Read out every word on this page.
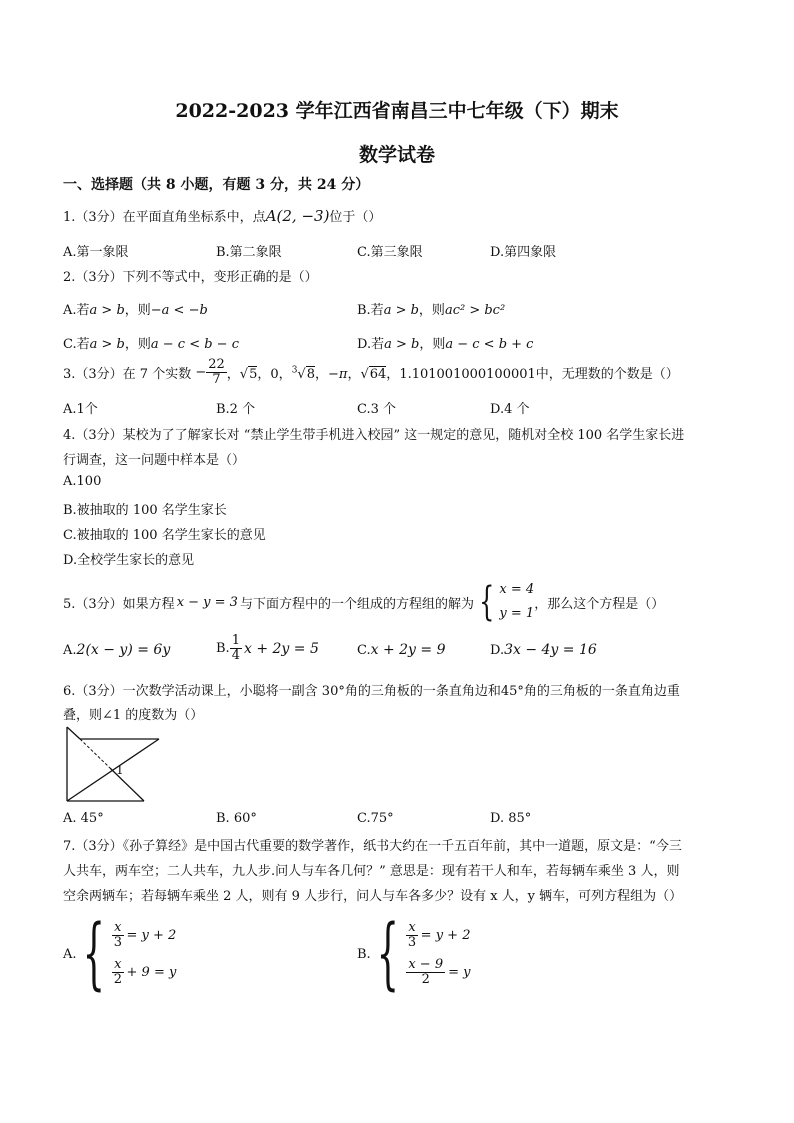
2022-2023 学年江西省南昌三中七年级（下）期末
数学试卷
一、选择题（共 8 小题，有题 3 分，共 24 分）
1.（3分）在平面直角坐标系中，点A(2, −3)位于（）
A.第一象限	B.第二象限	C.第三象限	D.第四象限
2.（3分）下列不等式中，变形正确的是（）
A.若a > b，则−a < −b	B.若a > b，则ac² > bc²
C.若a > b，则a − c < b − c	D.若a > b，则a − c < b + c
3.（3分）在 7 个实数 − $\frac{22}{7}$ ，√5，0，$^3$√8，−π，√64，1.101001000100001 中，无理数的个数是（）
A.1个	B.2 个	C.3 个	D.4 个
4.（3分）某校为了了解家长对 “禁止学生带手机进入校园” 这一规定的意见，随机对全校 100 名学生家长进
行调查，这一问题中样本是（）
A.100
B.被抽取的 100 名学生家长
C.被抽取的 100 名学生家长的意见
D.全校学生家长的意见
5.（3分）如果方程 x − y = 3 与下面方程中的一个组成的方程组的解为 { x = 4
y = 1
，那么这个方程是（）
A.2(x − y) = 6y	B. $\frac{1}{4}$ x + 2y = 5	C.x + 2y = 9	D.3x − 4y = 16
6.（3分）一次数学活动课上，小聪将一副含 30°角的三角板的一条直角边和45°角的三角板的一条直角边重
叠，则∠1 的度数为（）
1
A. 45°	B. 60°	C.75°	D. 85°
7.（3分）《孙子算经》是中国古代重要的数学著作，纸书大约在一千五百年前，其中一道题，原文是：“今三
人共车，两车空；二人共车，九人步.问人与车各几何？” 意思是：现有若干人和车，若每辆车乘坐 3 人，则
空余两辆车；若每辆车乘坐 2 人，则有 9 人步行，问人与车各多少？设有 x 人，y 辆车，可列方程组为（）
A. { $\frac{x}{3} = y + 2$
$\frac{x}{2} + 9 = y$
B. { $\frac{x}{3} = y + 2$
$\frac{x - 9}{2} = y$
